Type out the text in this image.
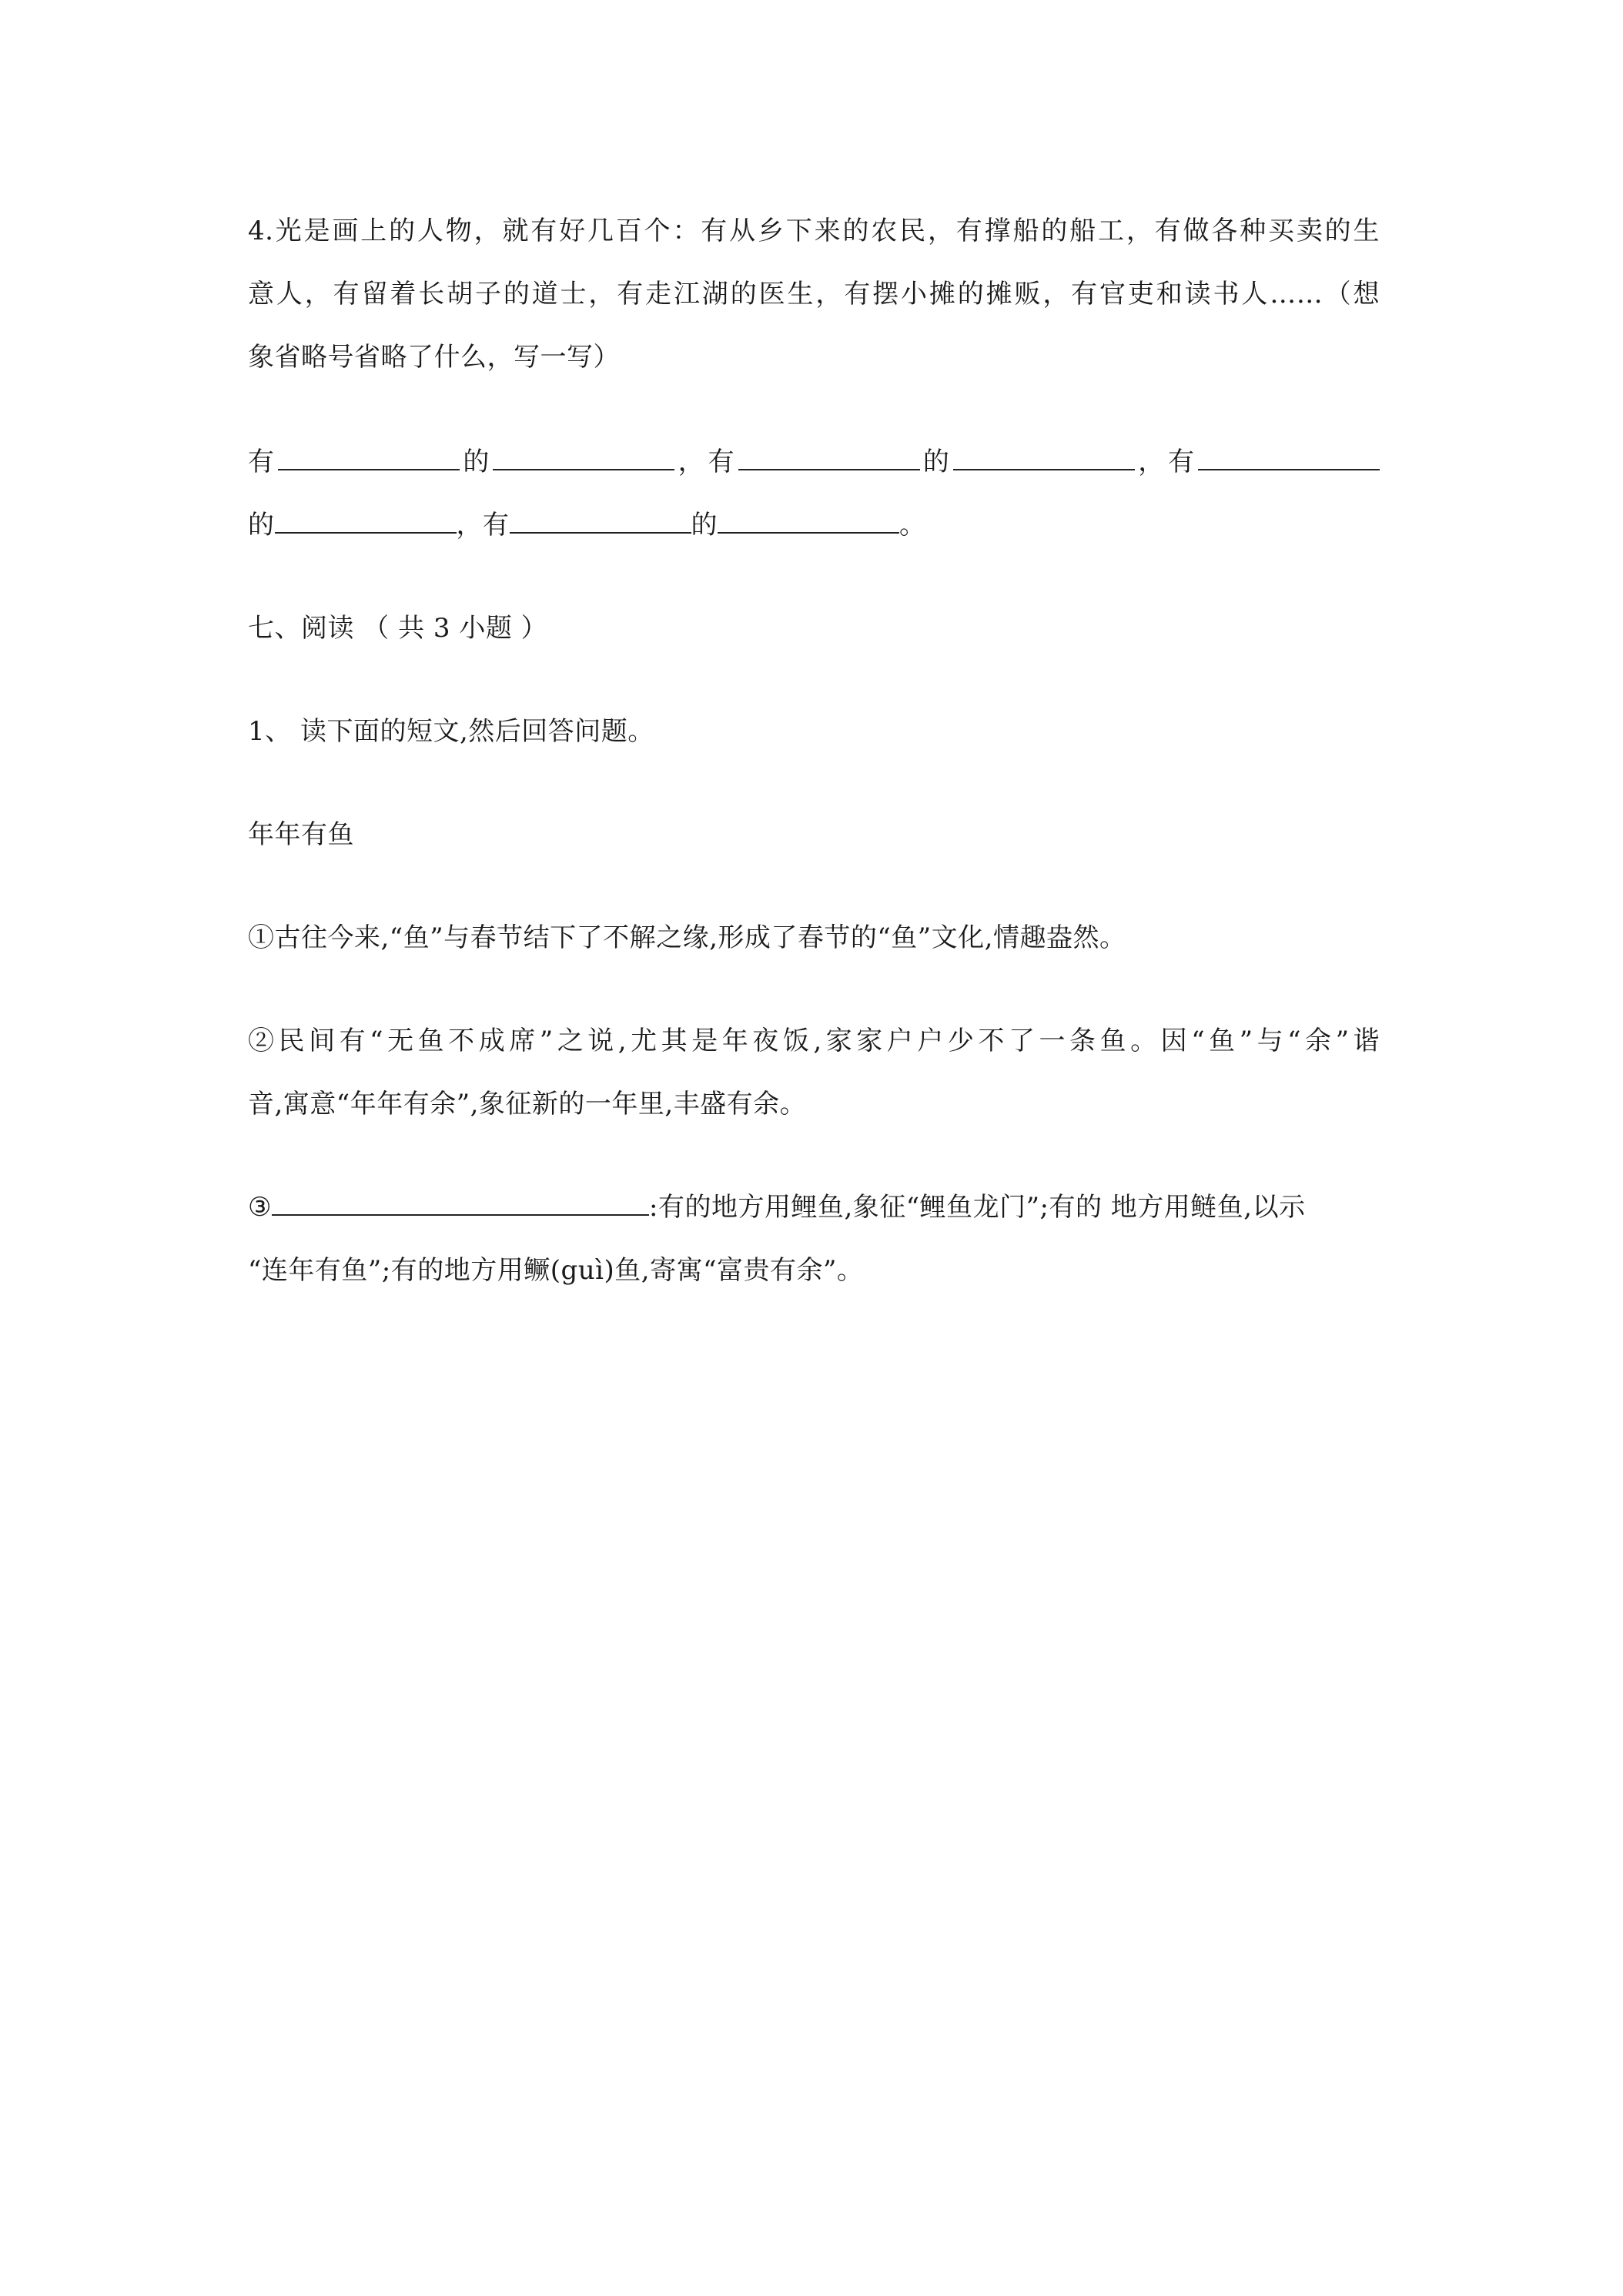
4.光是画上的人物，就有好几百个：有从乡下来的农民，有撑船的船工，有做各种买卖的生
意人，有留着长胡子的道士，有走江湖的医生，有摆小摊的摊贩，有官吏和读书人……（想
象省略号省略了什么，写一写）
有	的	，有	的	，有
的	，有	的	。
七、阅读 （ 共 3 小题 ）
1、 读下面的短文,然后回答问题。
年年有鱼
①古往今来,“鱼”与春节结下了不解之缘,形成了春节的“鱼”文化,情趣盎然。
②民间有“无鱼不成席”之说,尤其是年夜饭,家家户户少不了一条鱼。因“鱼”与“余”谐
音,寓意“年年有余”,象征新的一年里,丰盛有余。
③	:有的地方用鲤鱼,象征“鲤鱼龙门”;有的 地方用鲢鱼,以示
“连年有鱼”;有的地方用鳜(guì)鱼,寄寓“富贵有余”。
